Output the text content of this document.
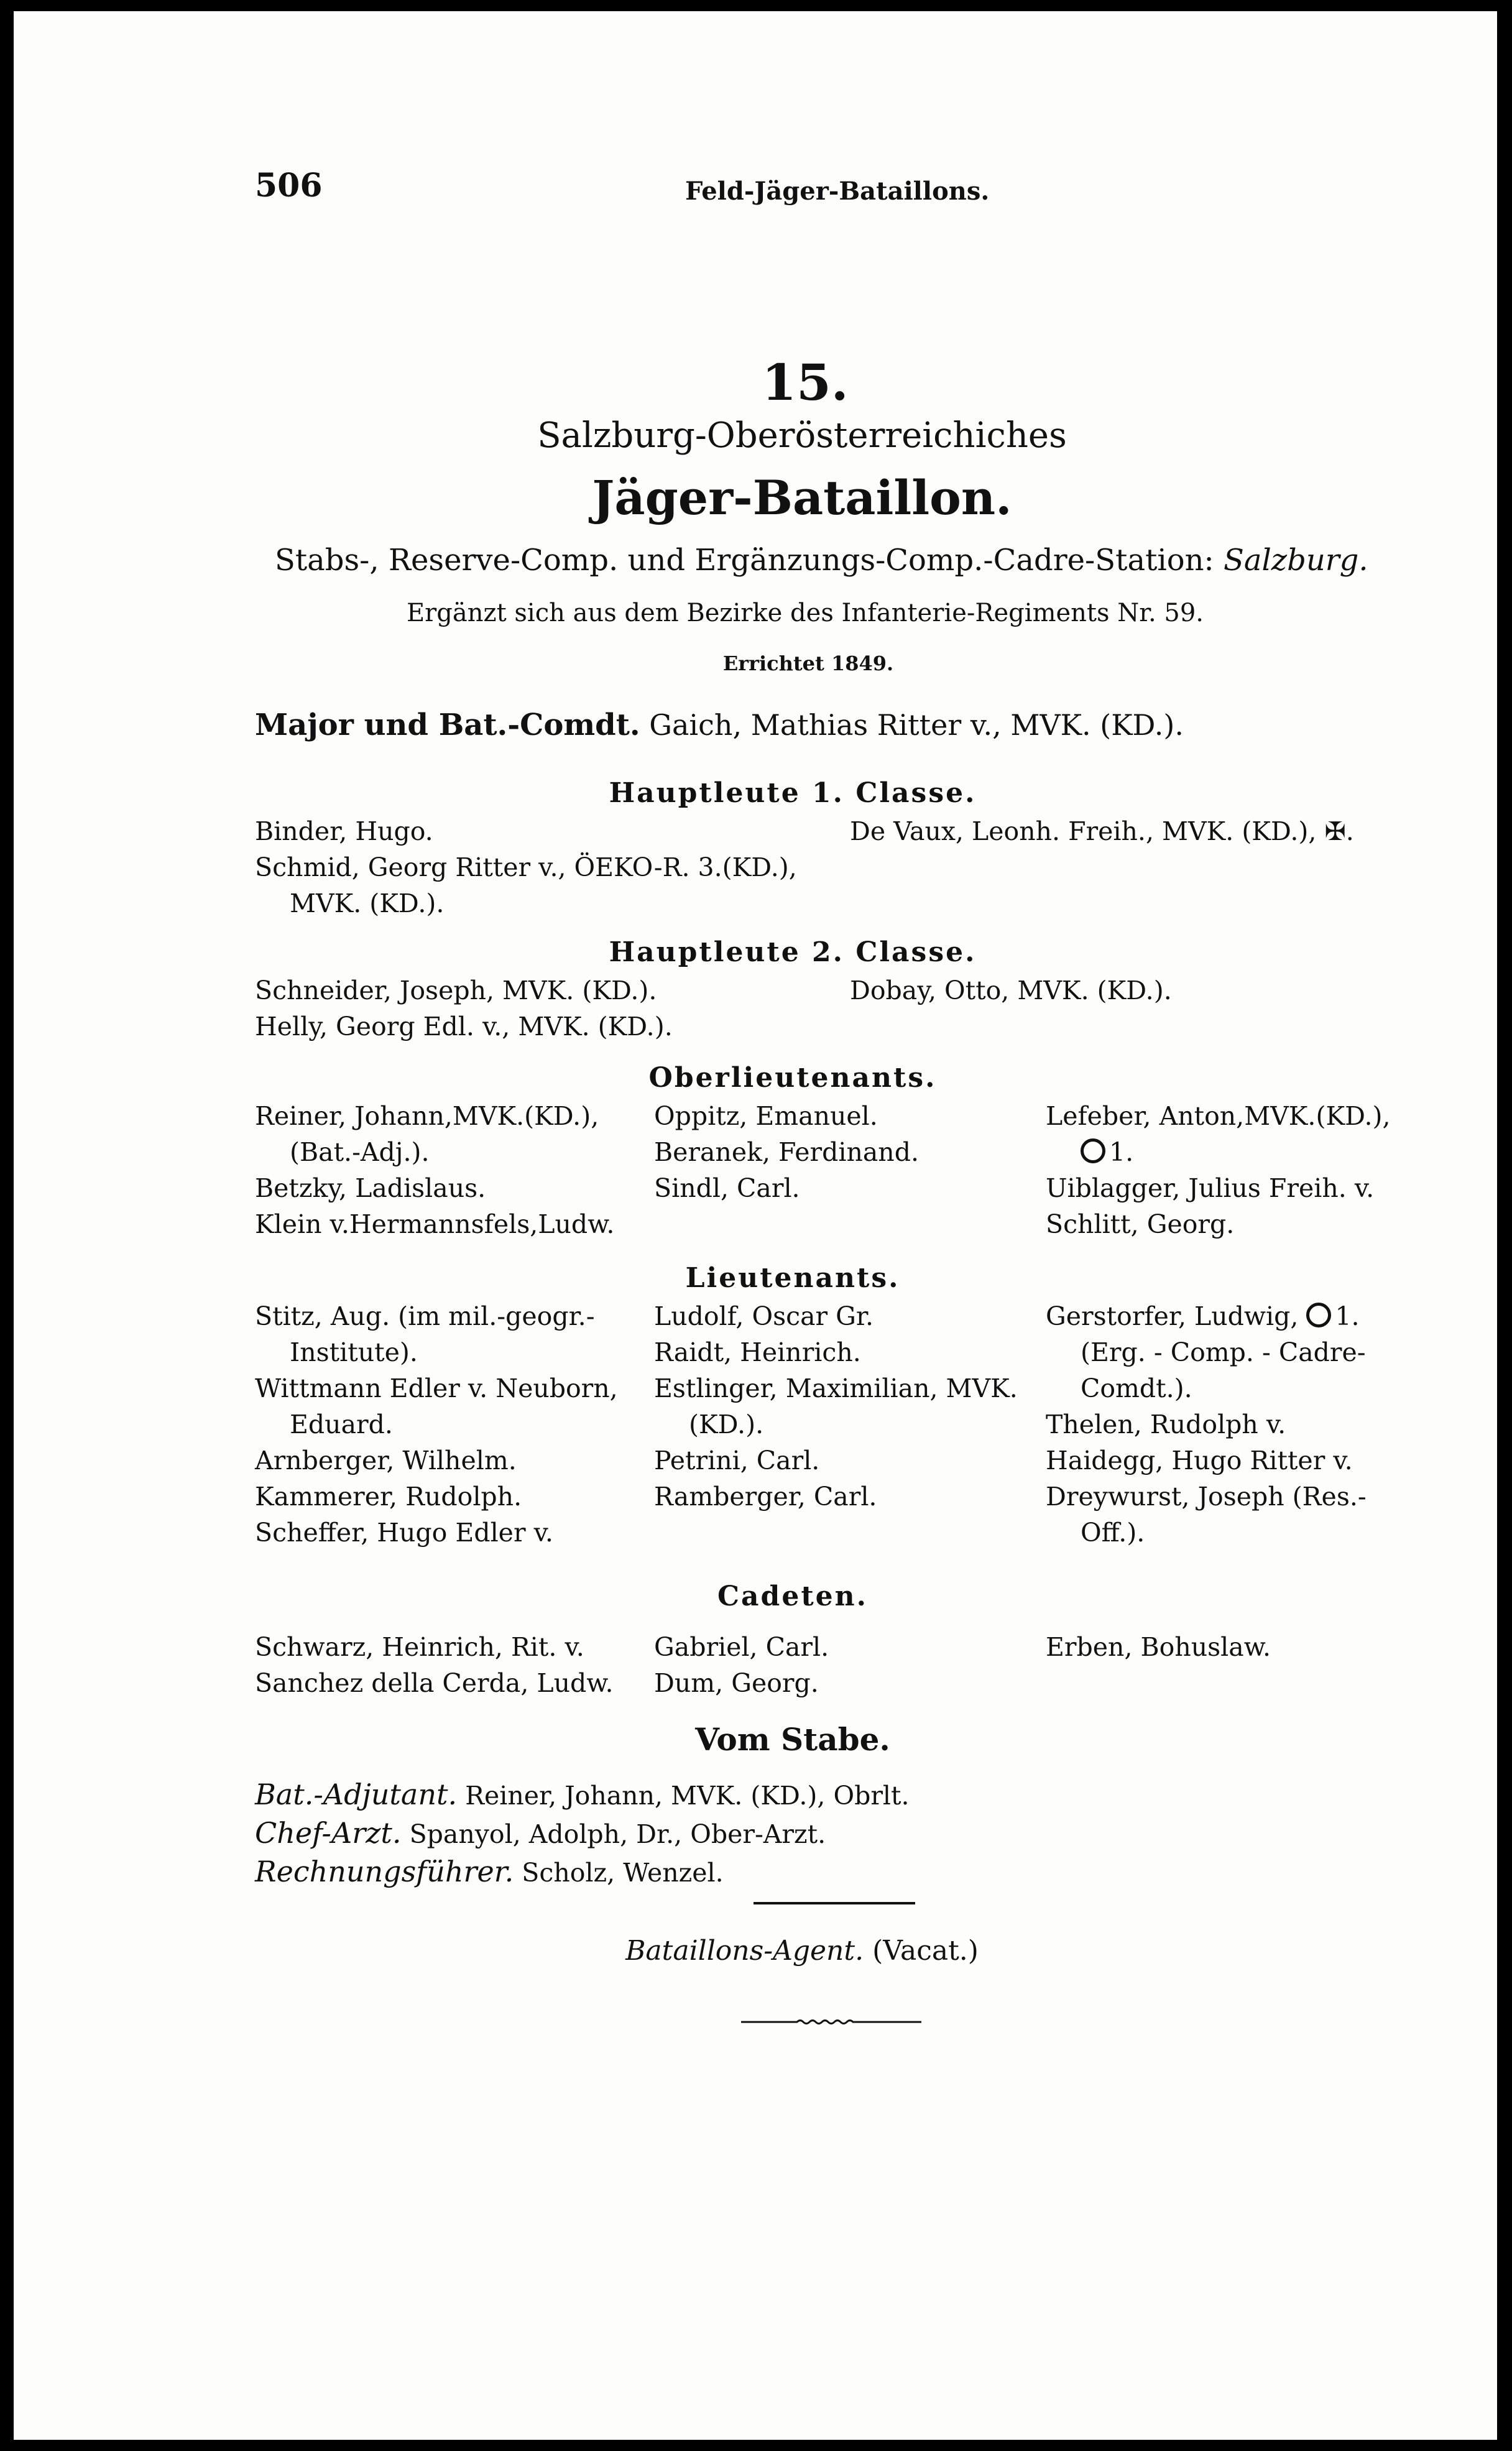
506	Feld-Jäger-Bataillons.
15.
Salzburg-Oberösterreichiches
Jäger-Bataillon.
Stabs-, Reserve-Comp. und Ergänzungs-Comp.-Cadre-Station: Salzburg.
Ergänzt sich aus dem Bezirke des Infanterie-Regiments Nr. 59.
Errichtet 1849.
Major und Bat.-Comdt. Gaich, Mathias Ritter v., MVK. (KD.).
Hauptleute 1. Classe.
Binder, Hugo.
Schmid, Georg Ritter v., ÖEKO-R. 3.(KD.),
MVK. (KD.).
De Vaux, Leonh. Freih., MVK. (KD.), ✠.
Hauptleute 2. Classe.
Schneider, Joseph, MVK. (KD.).
Helly, Georg Edl. v., MVK. (KD.).
Dobay, Otto, MVK. (KD.).
Oberlieutenants.
Reiner, Johann,MVK.(KD.),
(Bat.-Adj.).
Betzky, Ladislaus.
Klein v.Hermannsfels,Ludw.
Oppitz, Emanuel.
Beranek, Ferdinand.
Sindl, Carl.
Lefeber, Anton,MVK.(KD.),
1.
Uiblagger, Julius Freih. v.
Schlitt, Georg.
Lieutenants.
Stitz, Aug. (im mil.-geogr.-
Institute).
Wittmann Edler v. Neuborn,
Eduard.
Arnberger, Wilhelm.
Kammerer, Rudolph.
Scheffer, Hugo Edler v.
Ludolf, Oscar Gr.
Raidt, Heinrich.
Estlinger, Maximilian, MVK.
(KD.).
Petrini, Carl.
Ramberger, Carl.
Gerstorfer, Ludwig, 1.
(Erg. - Comp. - Cadre-
Comdt.).
Thelen, Rudolph v.
Haidegg, Hugo Ritter v.
Dreywurst, Joseph (Res.-
Off.).
Cadeten.
Schwarz, Heinrich, Rit. v.
Sanchez della Cerda, Ludw.
Gabriel, Carl.
Dum, Georg.
Erben, Bohuslaw.
Vom Stabe.
Bat.-Adjutant. Reiner, Johann, MVK. (KD.), Obrlt.
Chef-Arzt. Spanyol, Adolph, Dr., Ober-Arzt.
Rechnungsführer. Scholz, Wenzel.
Bataillons-Agent. (Vacat.)
